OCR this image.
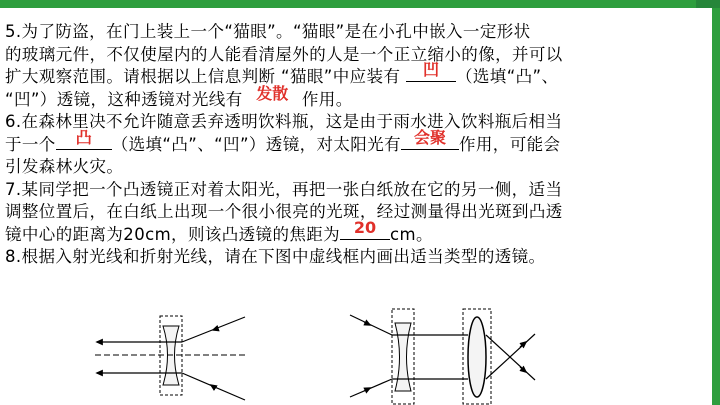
5.为了防盗，在门上装上一个“猫眼”。“猫眼”是在小孔中嵌入一定形状
的玻璃元件，不仅使屋内的人能看清屋外的人是一个正立缩小的像，并可以
扩大观察范围。请根据以上信息判断 “猫眼”中应装有	凹	（选填“凸”、
“凹”）透镜，这种透镜对光线有 发散 作用。
6.在森林里决不允许随意丢弃透明饮料瓶，这是由于雨水进入饮料瓶后相当
于一个	凸	（选填“凸”、“凹”）透镜，对太阳光有 会聚 作用，可能会
引发森林火灾。
7.某同学把一个凸透镜正对着太阳光，再把一张白纸放在它的另一侧，适当
调整位置后，在白纸上出现一个很小很亮的光斑，经过测量得出光斑到凸透
镜中心的距离为20cm，则该凸透镜的焦距为 20 cm。
8.根据入射光线和折射光线，请在下图中虚线框内画出适当类型的透镜。
